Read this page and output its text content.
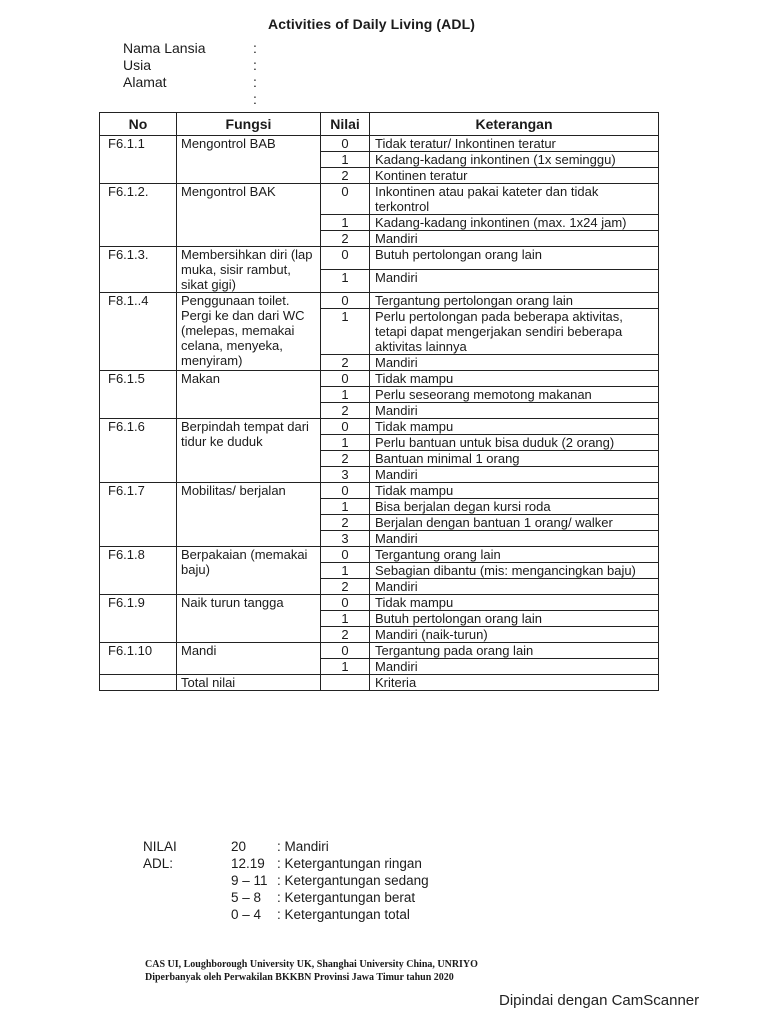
Activities of Daily Living (ADL)
Nama Lansia	:
Usia	:
Alamat	:
:
No	Fungsi	Nilai	Keterangan
F6.1.1	Mengontrol BAB	0	Tidak teratur/ Inkontinen teratur
		1	Kadang-kadang inkontinen (1x seminggu)
		2	Kontinen teratur
F6.1.2.	Mengontrol BAK	0	Inkontinen atau pakai kateter dan tidak terkontrol
		1	Kadang-kadang inkontinen (max. 1x24 jam)
		2	Mandiri
F6.1.3.	Membersihkan diri (lap muka, sisir rambut, sikat gigi)	0	Butuh pertolongan orang lain
		1	Mandiri
F8.1..4	Penggunaan toilet. Pergi ke dan dari WC (melepas, memakai celana, menyeka, menyiram)	0	Tergantung pertolongan orang lain
		1	Perlu pertolongan pada beberapa aktivitas, tetapi dapat mengerjakan sendiri beberapa aktivitas lainnya
		2	Mandiri
F6.1.5	Makan	0	Tidak mampu
		1	Perlu seseorang memotong makanan
		2	Mandiri
F6.1.6	Berpindah tempat dari tidur ke duduk	0	Tidak mampu
		1	Perlu bantuan untuk bisa duduk (2 orang)
		2	Bantuan minimal 1 orang
		3	Mandiri
F6.1.7	Mobilitas/ berjalan	0	Tidak mampu
		1	Bisa berjalan degan kursi roda
		2	Berjalan dengan bantuan 1 orang/ walker
		3	Mandiri
F6.1.8	Berpakaian (memakai baju)	0	Tergantung orang lain
		1	Sebagian dibantu (mis: mengancingkan baju)
		2	Mandiri
F6.1.9	Naik turun tangga	0	Tidak mampu
		1	Butuh pertolongan orang lain
		2	Mandiri (naik-turun)
F6.1.10	Mandi	0	Tergantung pada orang lain
		1	Mandiri
	Total nilai		Kriteria
NILAI ADL:
20 : Mandiri
12.19 : Ketergantungan ringan
9 – 11 : Ketergantungan sedang
5 – 8 : Ketergantungan berat
0 – 4 : Ketergantungan total
CAS UI, Loughborough University UK, Shanghai University China, UNRIYO
Diperbanyak oleh Perwakilan BKKBN Provinsi Jawa Timur tahun 2020
Dipindai dengan CamScanner
